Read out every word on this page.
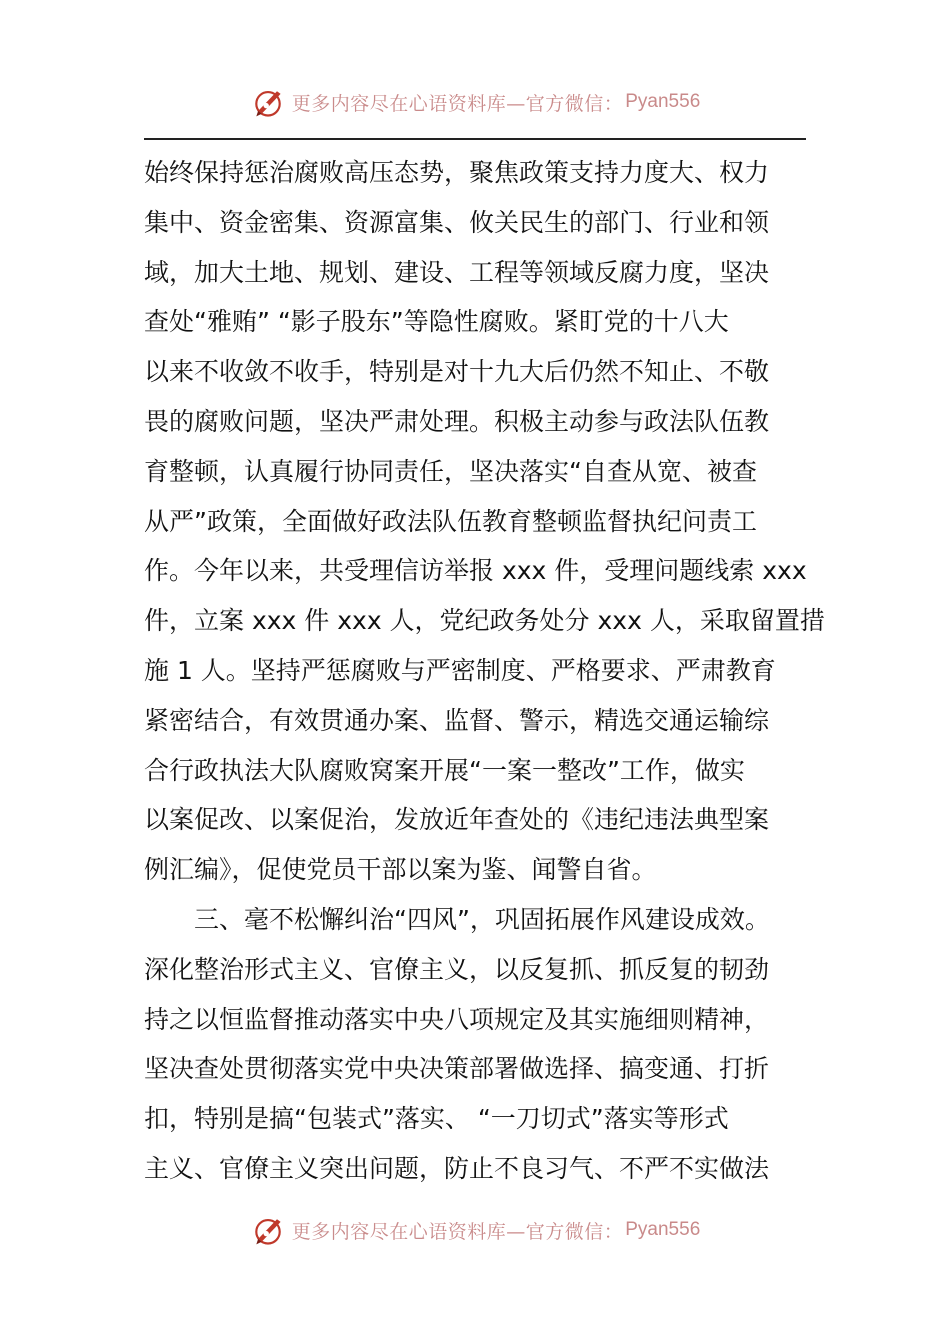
更多内容尽在心语资料库—官方微信： Pyan556
始终保持惩治腐败高压态势，聚焦政策支持力度大、权力
集中、资金密集、资源富集、攸关民生的部门、行业和领
域，加大土地、规划、建设、工程等领域反腐力度，坚决
查处“雅贿” “影子股东”等隐性腐败。紧盯党的十八大
以来不收敛不收手，特别是对十九大后仍然不知止、不敬
畏的腐败问题，坚决严肃处理。积极主动参与政法队伍教
育整顿，认真履行协同责任，坚决落实“自查从宽、被查
从严”政策，全面做好政法队伍教育整顿监督执纪问责工
作。今年以来，共受理信访举报 xxx 件，受理问题线索 xxx
件，立案 xxx 件 xxx 人，党纪政务处分 xxx 人，采取留置措
施 1 人。坚持严惩腐败与严密制度、严格要求、严肃教育
紧密结合，有效贯通办案、监督、警示，精选交通运输综
合行政执法大队腐败窝案开展“一案一整改”工作，做实
以案促改、以案促治，发放近年查处的《违纪违法典型案
例汇编》，促使党员干部以案为鉴、闻警自省。
三、毫不松懈纠治“四风”，巩固拓展作风建设成效。
深化整治形式主义、官僚主义，以反复抓、抓反复的韧劲
持之以恒监督推动落实中央八项规定及其实施细则精神，
坚决查处贯彻落实党中央决策部署做选择、搞变通、打折
扣，特别是搞“包装式”落实、 “一刀切式”落实等形式
主义、官僚主义突出问题，防止不良习气、不严不实做法
更多内容尽在心语资料库—官方微信： Pyan556
